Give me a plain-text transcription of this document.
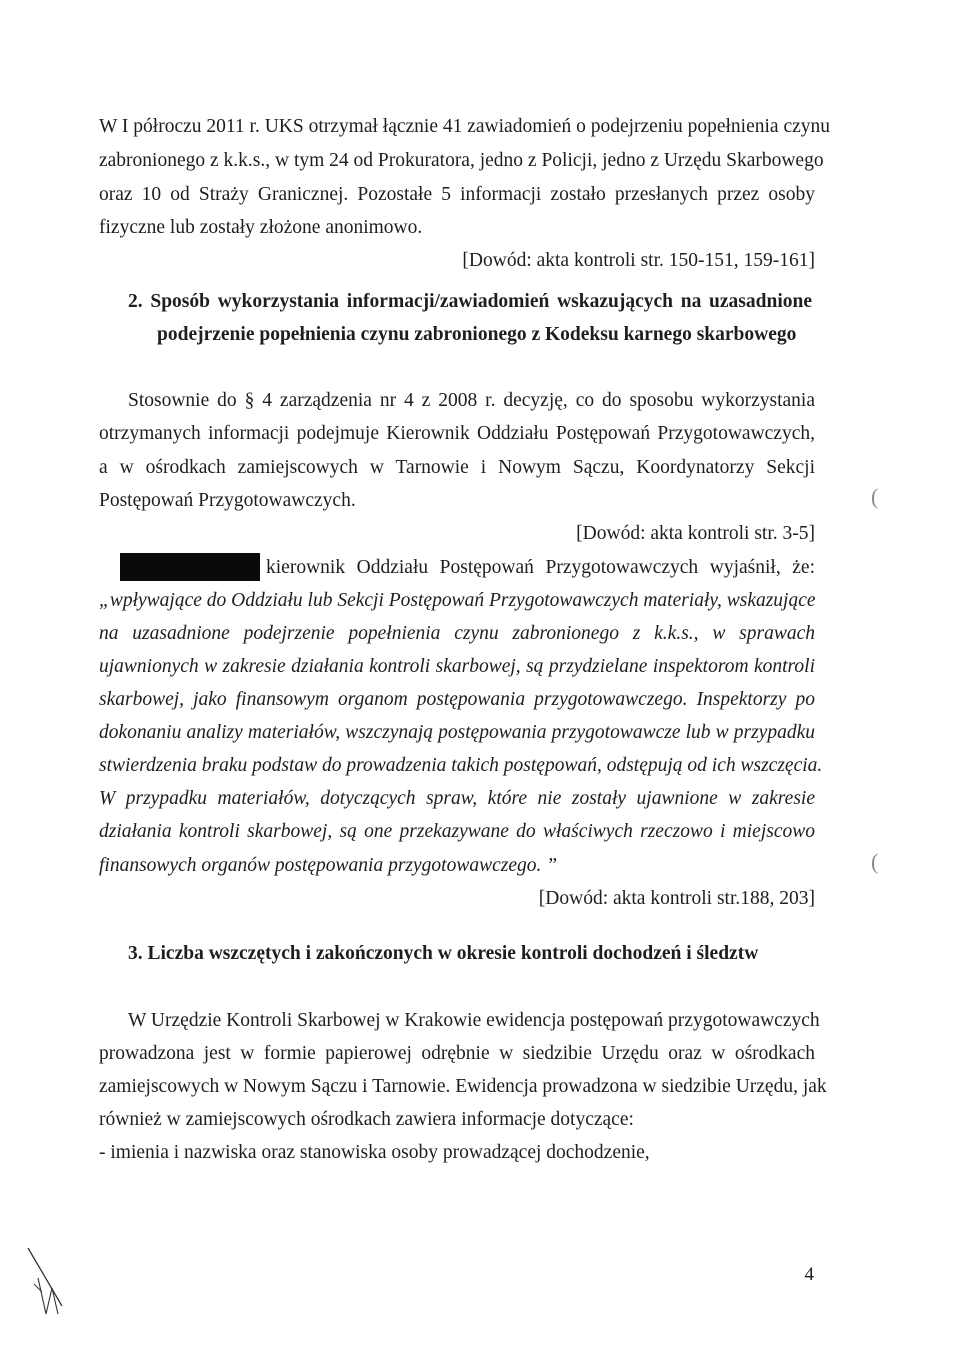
W I półroczu 2011 r. UKS otrzymał łącznie 41 zawiadomień o podejrzeniu popełnienia czynu
zabronionego z k.k.s., w tym 24 od Prokuratora, jedno z Policji, jedno z Urzędu Skarbowego
oraz 10 od Straży Granicznej. Pozostałe 5 informacji zostało przesłanych przez osoby
fizyczne lub zostały złożone anonimowo.
[Dowód: akta kontroli str. 150-151, 159-161]
2. Sposób wykorzystania informacji/zawiadomień wskazujących na uzasadnione
podejrzenie popełnienia czynu zabronionego z Kodeksu karnego skarbowego
Stosownie do § 4 zarządzenia nr 4 z 2008 r. decyzję, co do sposobu wykorzystania
otrzymanych informacji podejmuje Kierownik Oddziału Postępowań Przygotowawczych,
a w ośrodkach zamiejscowych w Tarnowie i Nowym Sączu, Koordynatorzy Sekcji
Postępowań Przygotowawczych.
[Dowód: akta kontroli str. 3-5]
kierownik Oddziału Postępowań Przygotowawczych wyjaśnił, że:
„wpływające do Oddziału lub Sekcji Postępowań Przygotowawczych materiały, wskazujące
na uzasadnione podejrzenie popełnienia czynu zabronionego z k.k.s., w sprawach
ujawnionych w zakresie działania kontroli skarbowej, są przydzielane inspektorom kontroli
skarbowej, jako finansowym organom postępowania przygotowawczego. Inspektorzy po
dokonaniu analizy materiałów, wszczynają postępowania przygotowawcze lub w przypadku
stwierdzenia braku podstaw do prowadzenia takich postępowań, odstępują od ich wszczęcia.
W przypadku materiałów, dotyczących spraw, które nie zostały ujawnione w zakresie
działania kontroli skarbowej, są one przekazywane do właściwych rzeczowo i miejscowo
finansowych organów postępowania przygotowawczego. ”
[Dowód: akta kontroli str.188, 203]
3. Liczba wszczętych i zakończonych w okresie kontroli dochodzeń i śledztw
W Urzędzie Kontroli Skarbowej w Krakowie ewidencja postępowań przygotowawczych
prowadzona jest w formie papierowej odrębnie w siedzibie Urzędu oraz w ośrodkach
zamiejscowych w Nowym Sączu i Tarnowie. Ewidencja prowadzona w siedzibie Urzędu, jak
również w zamiejscowych ośrodkach zawiera informacje dotyczące:
- imienia i nazwiska oraz stanowiska osoby prowadzącej dochodzenie,
(
(
4
